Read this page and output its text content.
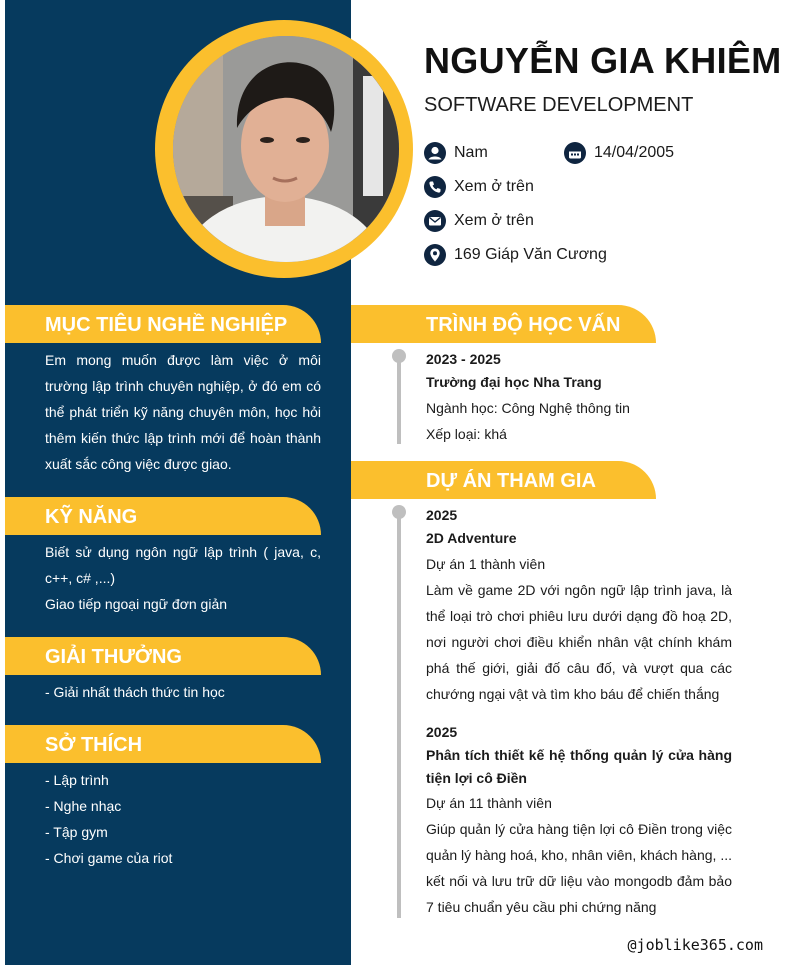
NGUYỄN GIA KHIÊM
SOFTWARE DEVELOPMENT
Nam	14/04/2005
Xem ở trên
Xem ở trên
169 Giáp Văn Cương
MỤC TIÊU NGHỀ NGHIỆP

Em mong muốn được làm việc ở môi trường lập trình chuyên nghiệp, ở đó em có thể phát triển kỹ năng chuyên môn, học hỏi thêm kiến thức lập trình mới để hoàn thành xuất sắc công việc được giao.

KỸ NĂNG

Biết sử dụng ngôn ngữ lập trình ( java, c, c++, c# ,...)

Giao tiếp ngoại ngữ đơn giản

GIẢI THƯỞNG

- Giải nhất thách thức tin học

SỞ THÍCH

- Lập trình

- Nghe nhạc

- Tập gym

- Chơi game của riot

TRÌNH ĐỘ HỌC VẤN
2023 - 2025
Trường đại học Nha Trang
Ngành học: Công Nghệ thông tin
Xếp loại: khá
DỰ ÁN THAM GIA
2025
2D Adventure
Dự án 1 thành viên
Làm về game 2D với ngôn ngữ lập trình java, là thể loại trò chơi phiêu lưu dưới dạng đồ hoạ 2D, nơi người chơi điều khiển nhân vật chính khám phá thế giới, giải đố câu đố, và vượt qua các chướng ngại vật và tìm kho báu để chiến thắng
2025
Phân tích thiết kế hệ thống quản lý cửa hàng tiện lợi cô Điền
Dự án 11 thành viên
Giúp quản lý cửa hàng tiện lợi cô Điền trong việc quản lý hàng hoá, kho, nhân viên, khách hàng, ... kết nối và lưu trữ dữ liệu vào mongodb đảm bảo 7 tiêu chuẩn yêu cầu phi chứng năng
@joblike365.com
